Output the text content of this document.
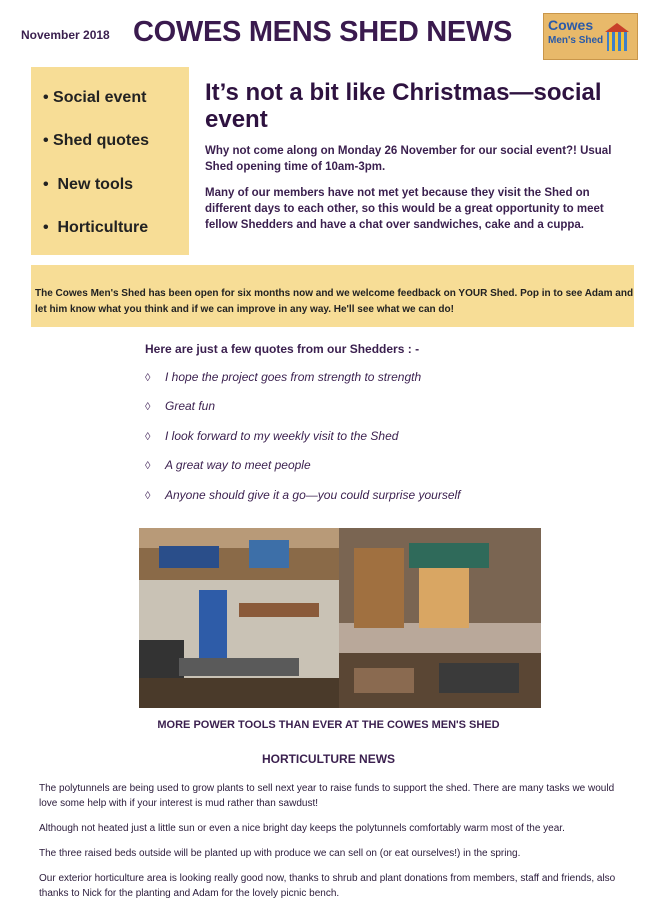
November 2018 COWES MENS SHED NEWS	Cowes
Men's Shed
• Social event
• Shed quotes
•  New tools
•  Horticulture
It’s not a bit like Christmas—social event
Why not come along on Monday 26 November for our social event?! Usual Shed opening time of 10am-3pm.
Many of our members have not met yet because they visit the Shed on different days to each other, so this would be a great opportunity to meet fellow Shedders and have a chat over sandwiches, cake and a cuppa.
The Cowes Men's Shed has been open for six months now and we welcome feedback on YOUR Shed. Pop in to see Adam and let him know what you think and if we can improve in any way. He'll see what we can do!
Here are just a few quotes from our Shedders : -
◊ I hope the project goes from strength to strength
◊ Great fun
◊ I look forward to my weekly visit to the Shed
◊ A great way to meet people
◊ Anyone should give it a go—you could surprise yourself
MORE POWER TOOLS THAN EVER AT THE COWES MEN'S SHED
HORTICULTURE NEWS
The polytunnels are being used to grow plants to sell next year to raise funds to support the shed. There are many tasks we would love some help with if your interest is mud rather than sawdust!
Although not heated just a little sun or even a nice bright day keeps the polytunnels comfortably warm most of the year.
The three raised beds outside will be planted up with produce we can sell on (or eat ourselves!) in the spring.
Our exterior horticulture area is looking really good now, thanks to shrub and plant donations from members, staff and friends, also thanks to Nick for the planting and Adam for the lovely picnic bench.
